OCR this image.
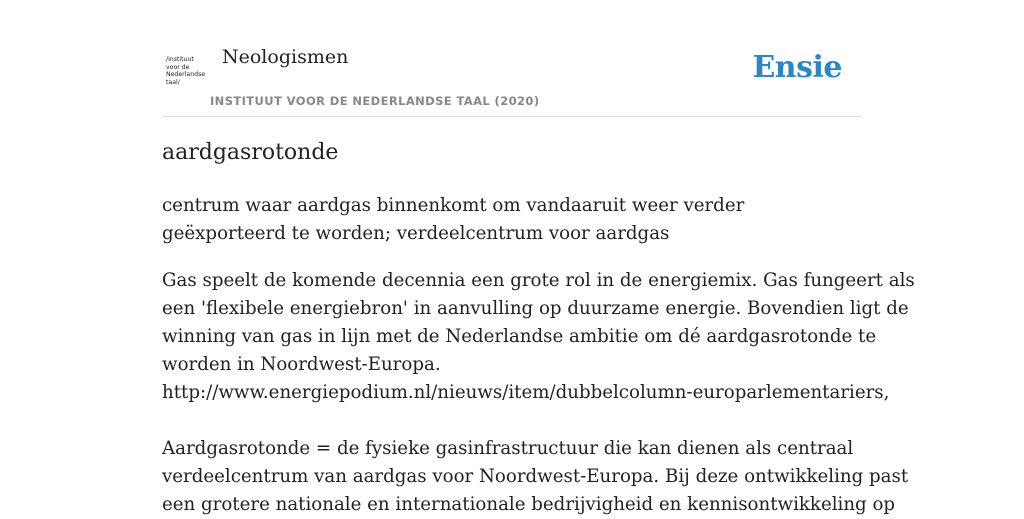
/instituut
voor de
Nederlandse
taal/
Neologismen
INSTITUUT VOOR DE NEDERLANDSE TAAL (2020)
Ensie
aardgasrotonde

centrum waar aardgas binnenkomt om vandaaruit weer verder geëxporteerd te worden; verdeelcentrum voor aardgas

Gas speelt de komende decennia een grote rol in de energiemix. Gas fungeert als
een 'flexibele energiebron' in aanvulling op duurzame energie. Bovendien ligt de
winning van gas in lijn met de Nederlandse ambitie om dé aardgasrotonde te
worden in Noordwest-Europa.
http://www.energiepodium.nl/nieuws/item/dubbelcolumn-europarlementariers,
Aardgasrotonde = de fysieke gasinfrastructuur die kan dienen als centraal
verdeelcentrum van aardgas voor Noordwest-Europa. Bij deze ontwikkeling past
een grotere nationale en internationale bedrijvigheid en kennisontwikkeling op
